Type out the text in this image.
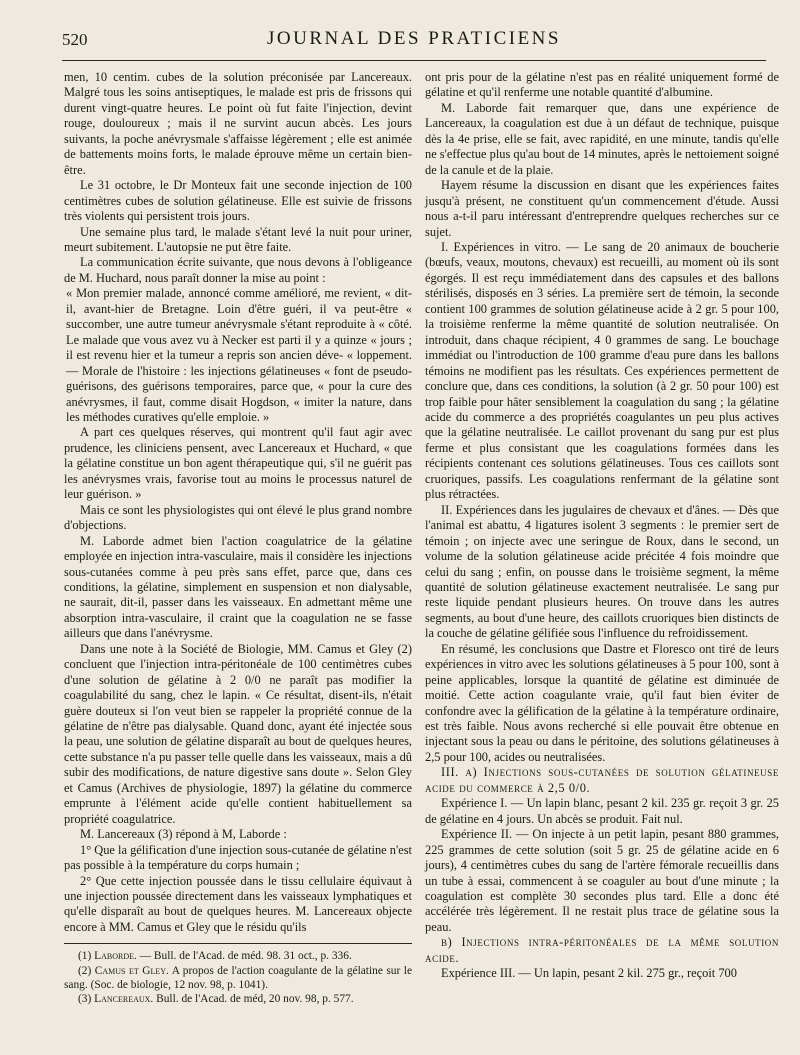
520	JOURNAL DES PRATICIENS

men, 10 centim. cubes de la solution préconisée par Lancereaux. Malgré tous les soins antiseptiques, le malade est pris de frissons qui durent vingt-quatre heures. Le point où fut faite l'injection, devint rouge, douloureux ; mais il ne survint aucun abcès. Les jours suivants, la poche anévrysmale s'affaisse légèrement ; elle est animée de battements moins forts, le malade éprouve même un certain bien-être.

Le 31 octobre, le Dr Monteux fait une seconde injection de 100 centimètres cubes de solution gélatineuse. Elle est suivie de frissons très violents qui persistent trois jours.

Une semaine plus tard, le malade s'étant levé la nuit pour uriner, meurt subitement. L'autopsie ne put être faite.

La communication écrite suivante, que nous devons à l'obligeance de M. Huchard, nous paraît donner la mise au point :

« Mon premier malade, annoncé comme amélioré, me revient, « dit-il, avant-hier de Bretagne. Loin d'être guéri, il va peut-être « succomber, une autre tumeur anévrysmale s'étant reproduite à « côté. Le malade que vous avez vu à Necker est parti il y a quinze « jours ; il est revenu hier et la tumeur a repris son ancien déve- « loppement. — Morale de l'histoire : les injections gélatineuses « font de pseudo-guérisons, des guérisons temporaires, parce que, « pour la cure des anévrysmes, il faut, comme disait Hogdson, « imiter la nature, dans les méthodes curatives qu'elle emploie. »

A part ces quelques réserves, qui montrent qu'il faut agir avec prudence, les cliniciens pensent, avec Lancereaux et Huchard, « que la gélatine constitue un bon agent thérapeutique qui, s'il ne guérit pas les anévrysmes vrais, favorise tout au moins le processus naturel de leur guérison. »

Mais ce sont les physiologistes qui ont élevé le plus grand nombre d'objections.

M. Laborde admet bien l'action coagulatrice de la gélatine employée en injection intra-vasculaire, mais il considère les injections sous-cutanées comme à peu près sans effet, parce que, dans ces conditions, la gélatine, simplement en suspension et non dialysable, ne saurait, dit-il, passer dans les vaisseaux. En admettant même une absorption intra-vasculaire, il craint que la coagulation ne se fasse ailleurs que dans l'anévrysme.

Dans une note à la Société de Biologie, MM. Camus et Gley (2) concluent que l'injection intra-péritonéale de 100 centimètres cubes d'une solution de gélatine à 2 0/0 ne paraît pas modifier la coagulabilité du sang, chez le lapin. « Ce résultat, disent-ils, n'était guère douteux si l'on veut bien se rappeler la propriété connue de la gélatine de n'être pas dialysable. Quand donc, ayant été injectée sous la peau, une solution de gélatine disparaît au bout de quelques heures, cette substance n'a pu passer telle quelle dans les vaisseaux, mais a dû subir des modifications, de nature digestive sans doute ». Selon Gley et Camus (Archives de physiologie, 1897) la gélatine du commerce emprunte à l'élément acide qu'elle contient habituellement sa propriété coagulatrice.

M. Lancereaux (3) répond à M, Laborde :

1° Que la gélification d'une injection sous-cutanée de gélatine n'est pas possible à la température du corps humain ;

2° Que cette injection poussée dans le tissu cellulaire équivaut à une injection poussée directement dans les vaisseaux lymphatiques et qu'elle disparaît au bout de quelques heures. M. Lancereaux objecte encore à MM. Camus et Gley que le résidu qu'ils

(1) Laborde. — Bull. de l'Acad. de méd. 98. 31 oct., p. 336.

(2) Camus et Gley. A propos de l'action coagulante de la gélatine sur le sang. (Soc. de biologie, 12 nov. 98, p. 1041).

(3) Lancereaux. Bull. de l'Acad. de méd, 20 nov. 98, p. 577.

ont pris pour de la gélatine n'est pas en réalité uniquement formé de gélatine et qu'il renferme une notable quantité d'albumine.

M. Laborde fait remarquer que, dans une expérience de Lancereaux, la coagulation est due à un défaut de technique, puisque dès la 4e prise, elle se fait, avec rapidité, en une minute, tandis qu'elle ne s'effectue plus qu'au bout de 14 minutes, après le nettoiement soigné de la canule et de la plaie.

Hayem résume la discussion en disant que les expériences faites jusqu'à présent, ne constituent qu'un commencement d'étude. Aussi nous a-t-il paru intéressant d'entreprendre quelques recherches sur ce sujet.

I. Expériences in vitro. — Le sang de 20 animaux de boucherie (bœufs, veaux, moutons, chevaux) est recueilli, au moment où ils sont égorgés. Il est reçu immédiatement dans des capsules et des ballons stérilisés, disposés en 3 séries. La première sert de témoin, la seconde contient 100 grammes de solution gélatineuse acide à 2 gr. 5 pour 100, la troisième renferme la même quantité de solution neutralisée. On introduit, dans chaque récipient, 4 0 grammes de sang. Le bouchage immédiat ou l'introduction de 100 gramme d'eau pure dans les ballons témoins ne modifient pas les résultats. Ces expériences permettent de conclure que, dans ces conditions, la solution (à 2 gr. 50 pour 100) est trop faible pour hâter sensiblement la coagulation du sang ; la gélatine acide du commerce a des propriétés coagulantes un peu plus actives que la gélatine neutralisée. Le caillot provenant du sang pur est plus ferme et plus consistant que les coagulations formées dans les récipients contenant ces solutions gélatineuses. Tous ces caillots sont cruoriques, passifs. Les coagulations renfermant de la gélatine sont plus rétractées.

II. Expériences dans les jugulaires de chevaux et d'ânes. — Dès que l'animal est abattu, 4 ligatures isolent 3 segments : le premier sert de témoin ; on injecte avec une seringue de Roux, dans le second, un volume de la solution gélatineuse acide précitée 4 fois moindre que celui du sang ; enfin, on pousse dans le troisième segment, la même quantité de solution gélatineuse exactement neutralisée. Le sang pur reste liquide pendant plusieurs heures. On trouve dans les autres segments, au bout d'une heure, des caillots cruoriques bien distincts de la couche de gélatine gélifiée sous l'influence du refroidissement.

En résumé, les conclusions que Dastre et Floresco ont tiré de leurs expériences in vitro avec les solutions gélatineuses à 5 pour 100, sont à peine applicables, lorsque la quantité de gélatine est diminuée de moitié. Cette action coagulante vraie, qu'il faut bien éviter de confondre avec la gélification de la gélatine à la température ordinaire, est très faible. Nous avons recherché si elle pouvait être obtenue en injectant sous la peau ou dans le péritoine, des solutions gélatineuses à 2,5 pour 100, acides ou neutralisées.

III. a) Injections sous-cutanées de solution gélatineuse acide du commerce à 2,5 0/0.

Expérience I. — Un lapin blanc, pesant 2 kil. 235 gr. reçoit 3 gr. 25 de gélatine en 4 jours. Un abcès se produit. Fait nul.

Expérience II. — On injecte à un petit lapin, pesant 880 grammes, 225 grammes de cette solution (soit 5 gr. 25 de gélatine acide en 6 jours), 4 centimètres cubes du sang de l'artère fémorale recueillis dans un tube à essai, commencent à se coaguler au bout d'une minute ; la coagulation est complète 30 secondes plus tard. Elle a donc été accélérée très légèrement. Il ne restait plus trace de gélatine sous la peau.

b) Injections intra-péritonéales de la même solution acide.

Expérience III. — Un lapin, pesant 2 kil. 275 gr., reçoit 700
